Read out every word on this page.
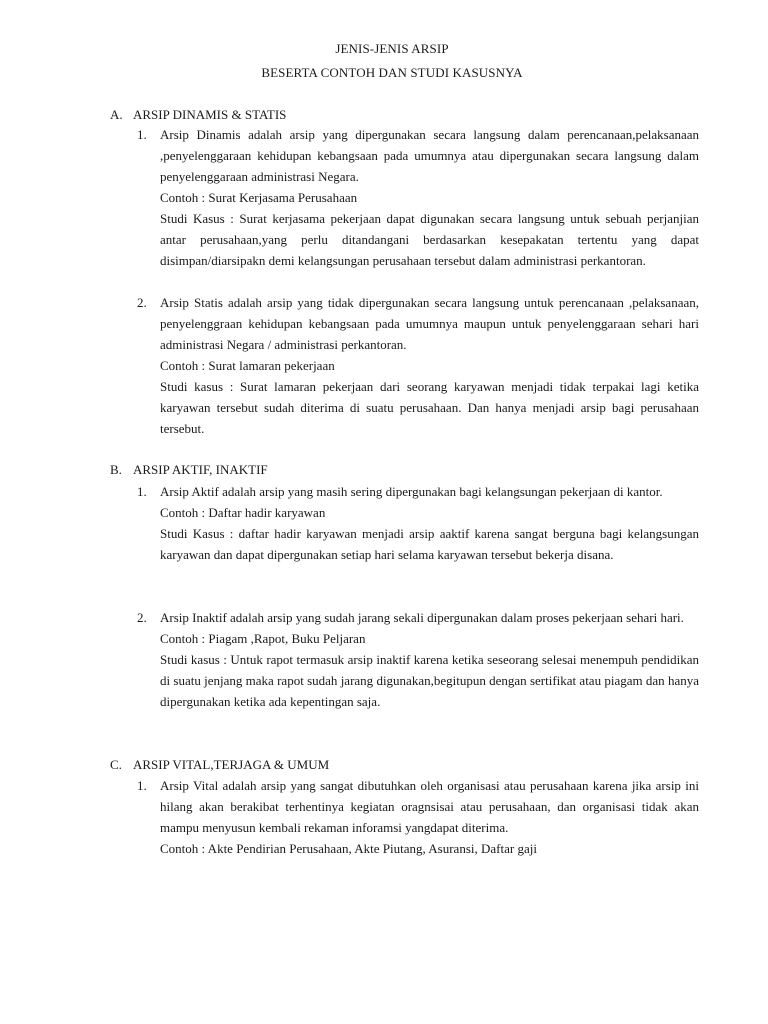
JENIS-JENIS ARSIP
BESERTA CONTOH DAN STUDI KASUSNYA
A. ARSIP DINAMIS & STATIS
1. Arsip Dinamis adalah arsip yang dipergunakan secara langsung dalam perencanaan,pelaksanaan ,penyelenggaraan kehidupan kebangsaan pada umumnya atau dipergunakan secara langsung dalam penyelenggaraan administrasi Negara.

Contoh : Surat Kerjasama Perusahaan

Studi Kasus : Surat kerjasama pekerjaan dapat digunakan secara langsung untuk sebuah perjanjian antar perusahaan,yang perlu ditandangani berdasarkan kesepakatan tertentu yang dapat disimpan/diarsipakn demi kelangsungan perusahaan tersebut dalam administrasi perkantoran.

2. Arsip Statis adalah arsip yang tidak dipergunakan secara langsung untuk perencanaan ,pelaksanaan, penyelenggraan kehidupan kebangsaan pada umumnya maupun untuk penyelenggaraan sehari hari administrasi Negara / administrasi perkantoran.

Contoh : Surat lamaran pekerjaan

Studi kasus : Surat lamaran pekerjaan dari seorang karyawan menjadi tidak terpakai lagi ketika karyawan tersebut sudah diterima di suatu perusahaan. Dan hanya menjadi arsip bagi perusahaan tersebut.

B. ARSIP AKTIF, INAKTIF
1. Arsip Aktif adalah arsip yang masih sering dipergunakan bagi kelangsungan pekerjaan di kantor.

Contoh : Daftar hadir karyawan

Studi Kasus : daftar hadir karyawan menjadi arsip aaktif karena sangat berguna bagi kelangsungan karyawan dan dapat dipergunakan setiap hari selama karyawan tersebut bekerja disana.

2. Arsip Inaktif adalah arsip yang sudah jarang sekali dipergunakan dalam proses pekerjaan sehari hari.

Contoh : Piagam ,Rapot, Buku Peljaran

Studi kasus : Untuk rapot termasuk arsip inaktif karena ketika seseorang selesai menempuh pendidikan di suatu jenjang maka rapot sudah jarang digunakan,begitupun dengan sertifikat atau piagam dan hanya dipergunakan ketika ada kepentingan saja.

C. ARSIP VITAL,TERJAGA & UMUM
1. Arsip Vital adalah arsip yang sangat dibutuhkan oleh organisasi atau perusahaan karena jika arsip ini hilang akan berakibat terhentinya kegiatan oragnsisai atau perusahaan, dan organisasi tidak akan mampu menyusun kembali rekaman inforamsi yangdapat diterima.

Contoh : Akte Pendirian Perusahaan, Akte Piutang, Asuransi, Daftar gaji
